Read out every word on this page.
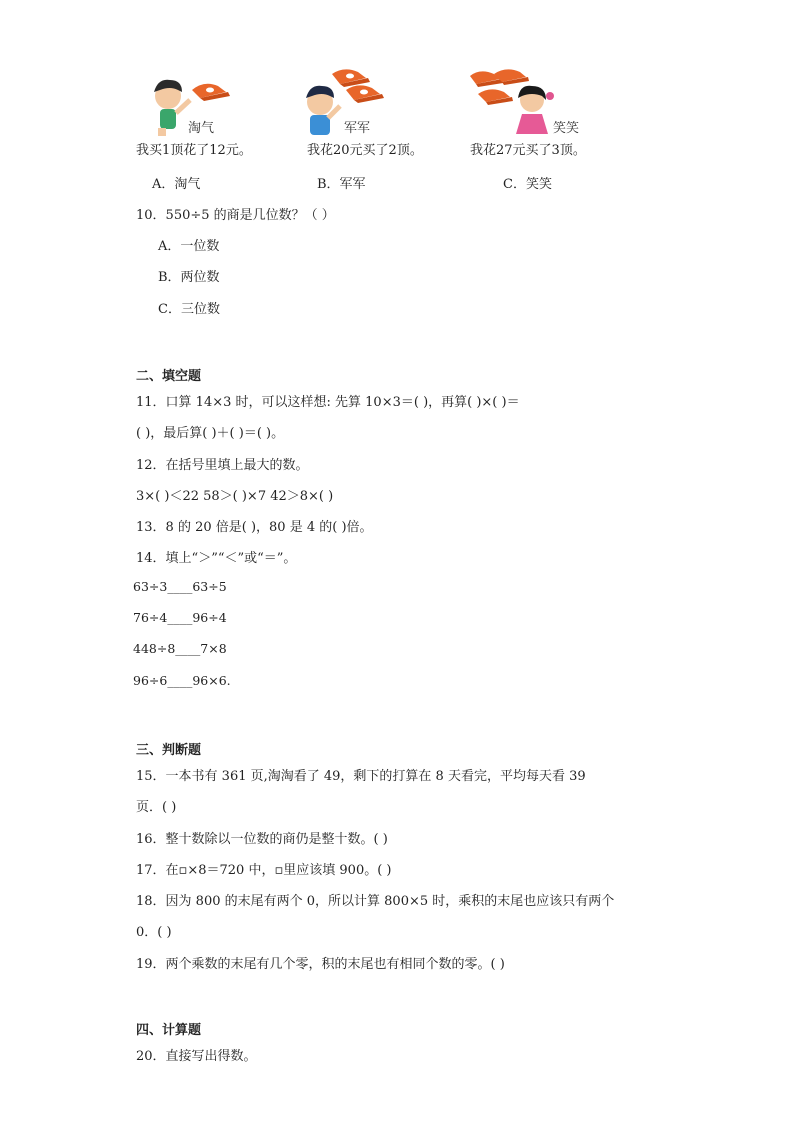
淘气	军军	笑笑
我买1顶花了12元。	我花20元买了2顶。	我花27元买了3顶。
A．淘气	B．军军	C．笑笑
10．550÷5 的商是几位数？（ ）
A．一位数
B．两位数
C．三位数
二、填空题
11．口算 14×3 时，可以这样想: 先算 10×3＝( )，再算( )×( )＝
( )，最后算( )＋( )＝( )。
12．在括号里填上最大的数。
3×( )＜22 58＞( )×7 42＞8×( )
13．8 的 20 倍是( )，80 是 4 的( )倍。
14．填上“＞”“＜”或“＝”。
63÷3____63÷5
76÷4____96÷4
448÷8____7×8
96÷6____96×6.
三、判断题
15．一本书有 361 页,淘淘看了 49，剩下的打算在 8 天看完，平均每天看 39
页．( )
16．整十数除以一位数的商仍是整十数。( )
17．在▫×8＝720 中，▫里应该填 900。( )
18．因为 800 的末尾有两个 0，所以计算 800×5 时，乘积的末尾也应该只有两个
0．( )
19．两个乘数的末尾有几个零，积的末尾也有相同个数的零。( )
四、计算题
20．直接写出得数。
